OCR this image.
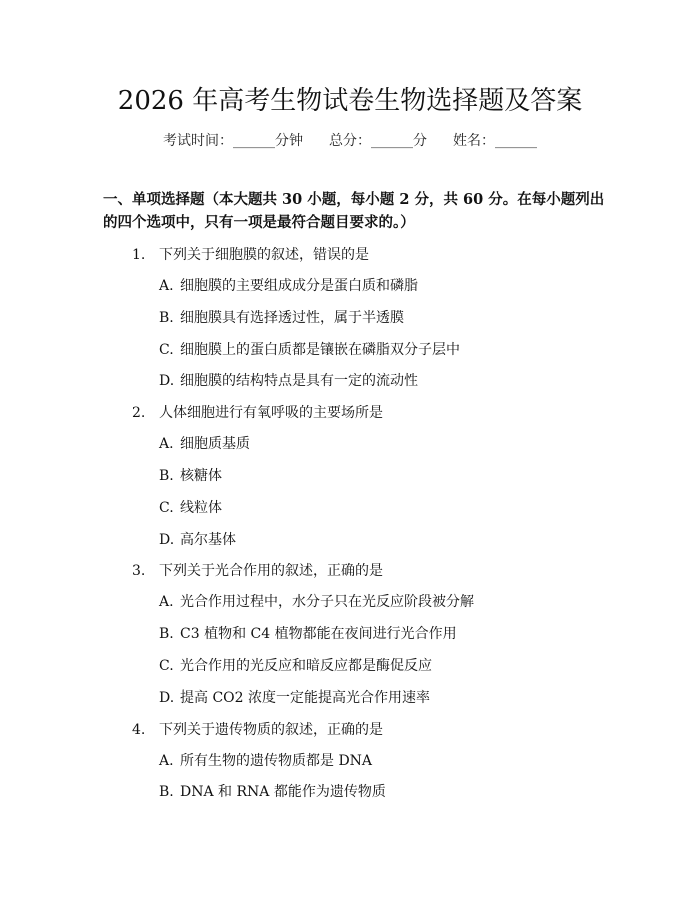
2026 年高考生物试卷生物选择题及答案
考试时间：______分钟 总分：______分 姓名：______
一、单项选择题（本大题共 30 小题，每小题 2 分，共 60 分。在每小题列出的四个选项中，只有一项是最符合题目要求的。）
1. 下列关于细胞膜的叙述，错误的是
A. 细胞膜的主要组成成分是蛋白质和磷脂
B. 细胞膜具有选择透过性，属于半透膜
C. 细胞膜上的蛋白质都是镶嵌在磷脂双分子层中
D. 细胞膜的结构特点是具有一定的流动性
2. 人体细胞进行有氧呼吸的主要场所是
A. 细胞质基质
B. 核糖体
C. 线粒体
D. 高尔基体
3. 下列关于光合作用的叙述，正确的是
A. 光合作用过程中，水分子只在光反应阶段被分解
B. C3 植物和 C4 植物都能在夜间进行光合作用
C. 光合作用的光反应和暗反应都是酶促反应
D. 提高 CO2 浓度一定能提高光合作用速率
4. 下列关于遗传物质的叙述，正确的是
A. 所有生物的遗传物质都是 DNA
B. DNA 和 RNA 都能作为遗传物质
